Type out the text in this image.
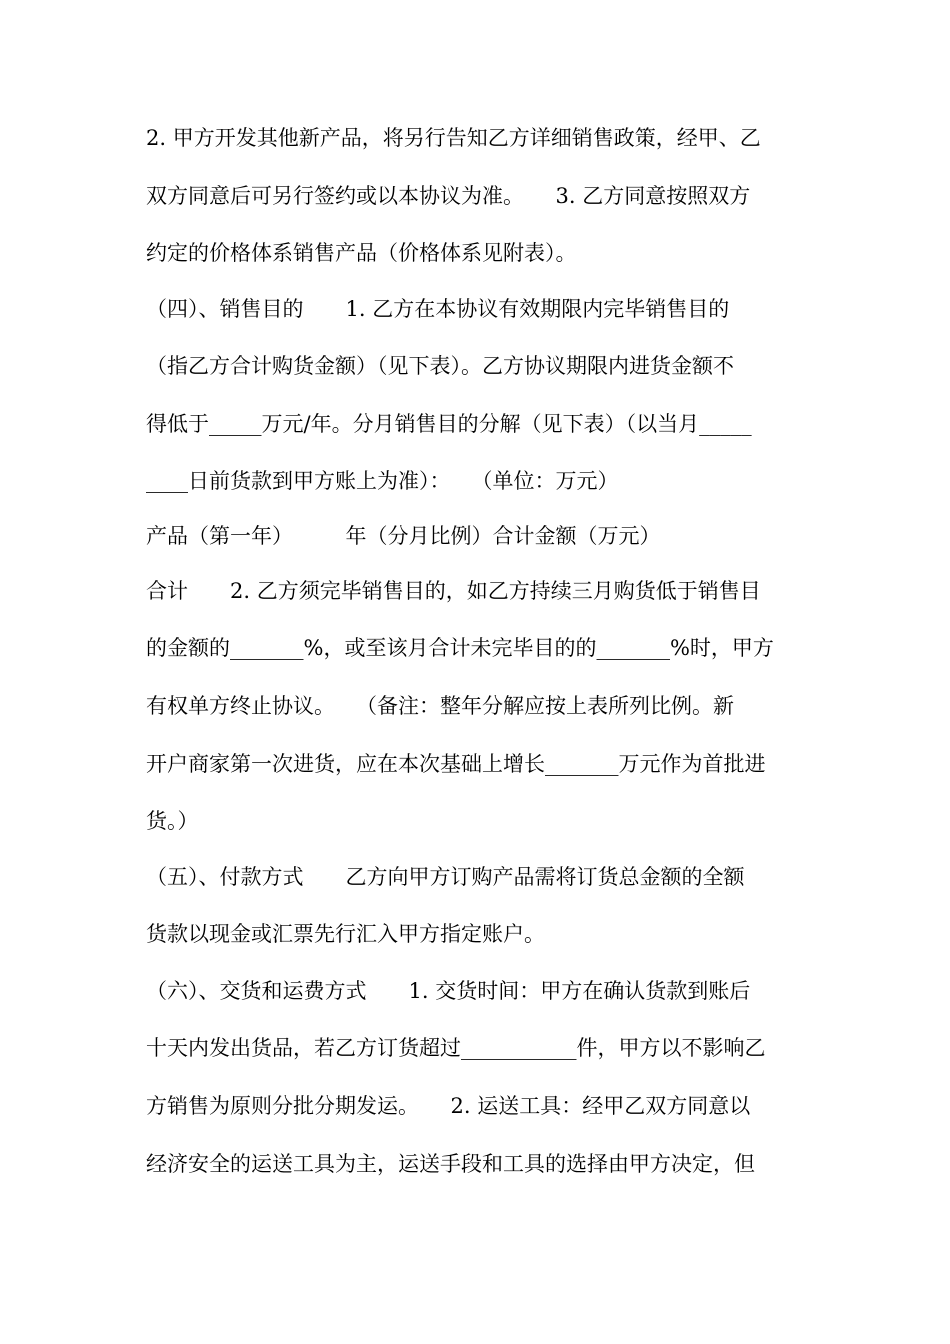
2. 甲方开发其他新产品，将另行告知乙方详细销售政策，经甲、乙
双方同意后可另行签约或以本协议为准。　　3. 乙方同意按照双方
约定的价格体系销售产品（价格体系见附表）。
（四）、销售目的　　1. 乙方在本协议有效期限内完毕销售目的
（指乙方合计购货金额）（见下表）。乙方协议期限内进货金额不
得低于_____万元/年。分月销售目的分解（见下表）（以当月_____
____日前货款到甲方账上为准）：　　（单位：万元）
产品（第一年）　　　年（分月比例）合计金额（万元）
合计　　2. 乙方须完毕销售目的，如乙方持续三月购货低于销售目
的金额的_______%，或至该月合计未完毕目的的_______%时，甲方
有权单方终止协议。　　（备注：整年分解应按上表所列比例。新
开户商家第一次进货，应在本次基础上增长_______万元作为首批进
货。）
（五）、付款方式　　乙方向甲方订购产品需将订货总金额的全额
货款以现金或汇票先行汇入甲方指定账户。
（六）、交货和运费方式　　1. 交货时间：甲方在确认货款到账后
十天内发出货品，若乙方订货超过___________件，甲方以不影响乙
方销售为原则分批分期发运。　　2. 运送工具：经甲乙双方同意以
经济安全的运送工具为主，运送手段和工具的选择由甲方决定，但
